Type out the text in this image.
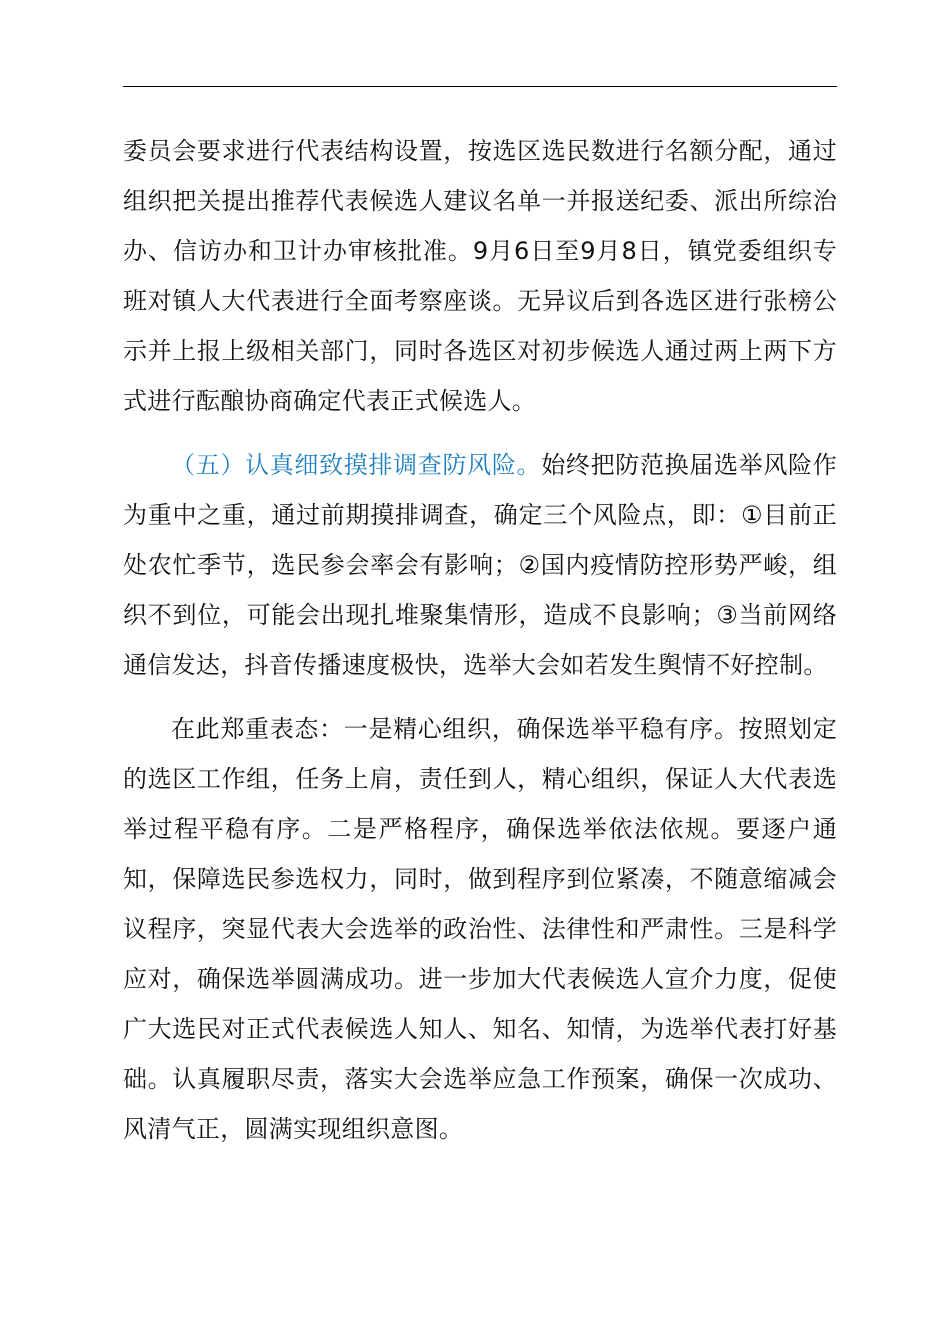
委员会要求进行代表结构设置，按选区选民数进行名额分配，通过组织把关提出推荐代表候选人建议名单一并报送纪委、派出所综治办、信访办和卫计办审核批准。9月6日至9月8日，镇党委组织专班对镇人大代表进行全面考察座谈。无异议后到各选区进行张榜公示并上报上级相关部门，同时各选区对初步候选人通过两上两下方式进行酝酿协商确定代表正式候选人。

（五）认真细致摸排调查防风险。始终把防范换届选举风险作为重中之重，通过前期摸排调查，确定三个风险点，即：①目前正处农忙季节，选民参会率会有影响；②国内疫情防控形势严峻，组织不到位，可能会出现扎堆聚集情形，造成不良影响；③当前网络通信发达，抖音传播速度极快，选举大会如若发生舆情不好控制。

在此郑重表态：一是精心组织，确保选举平稳有序。按照划定的选区工作组，任务上肩，责任到人，精心组织，保证人大代表选举过程平稳有序。二是严格程序，确保选举依法依规。要逐户通知，保障选民参选权力，同时，做到程序到位紧凑，不随意缩减会议程序，突显代表大会选举的政治性、法律性和严肃性。三是科学应对，确保选举圆满成功。进一步加大代表候选人宣介力度，促使广大选民对正式代表候选人知人、知名、知情，为选举代表打好基础。认真履职尽责，落实大会选举应急工作预案，确保一次成功、风清气正，圆满实现组织意图。
